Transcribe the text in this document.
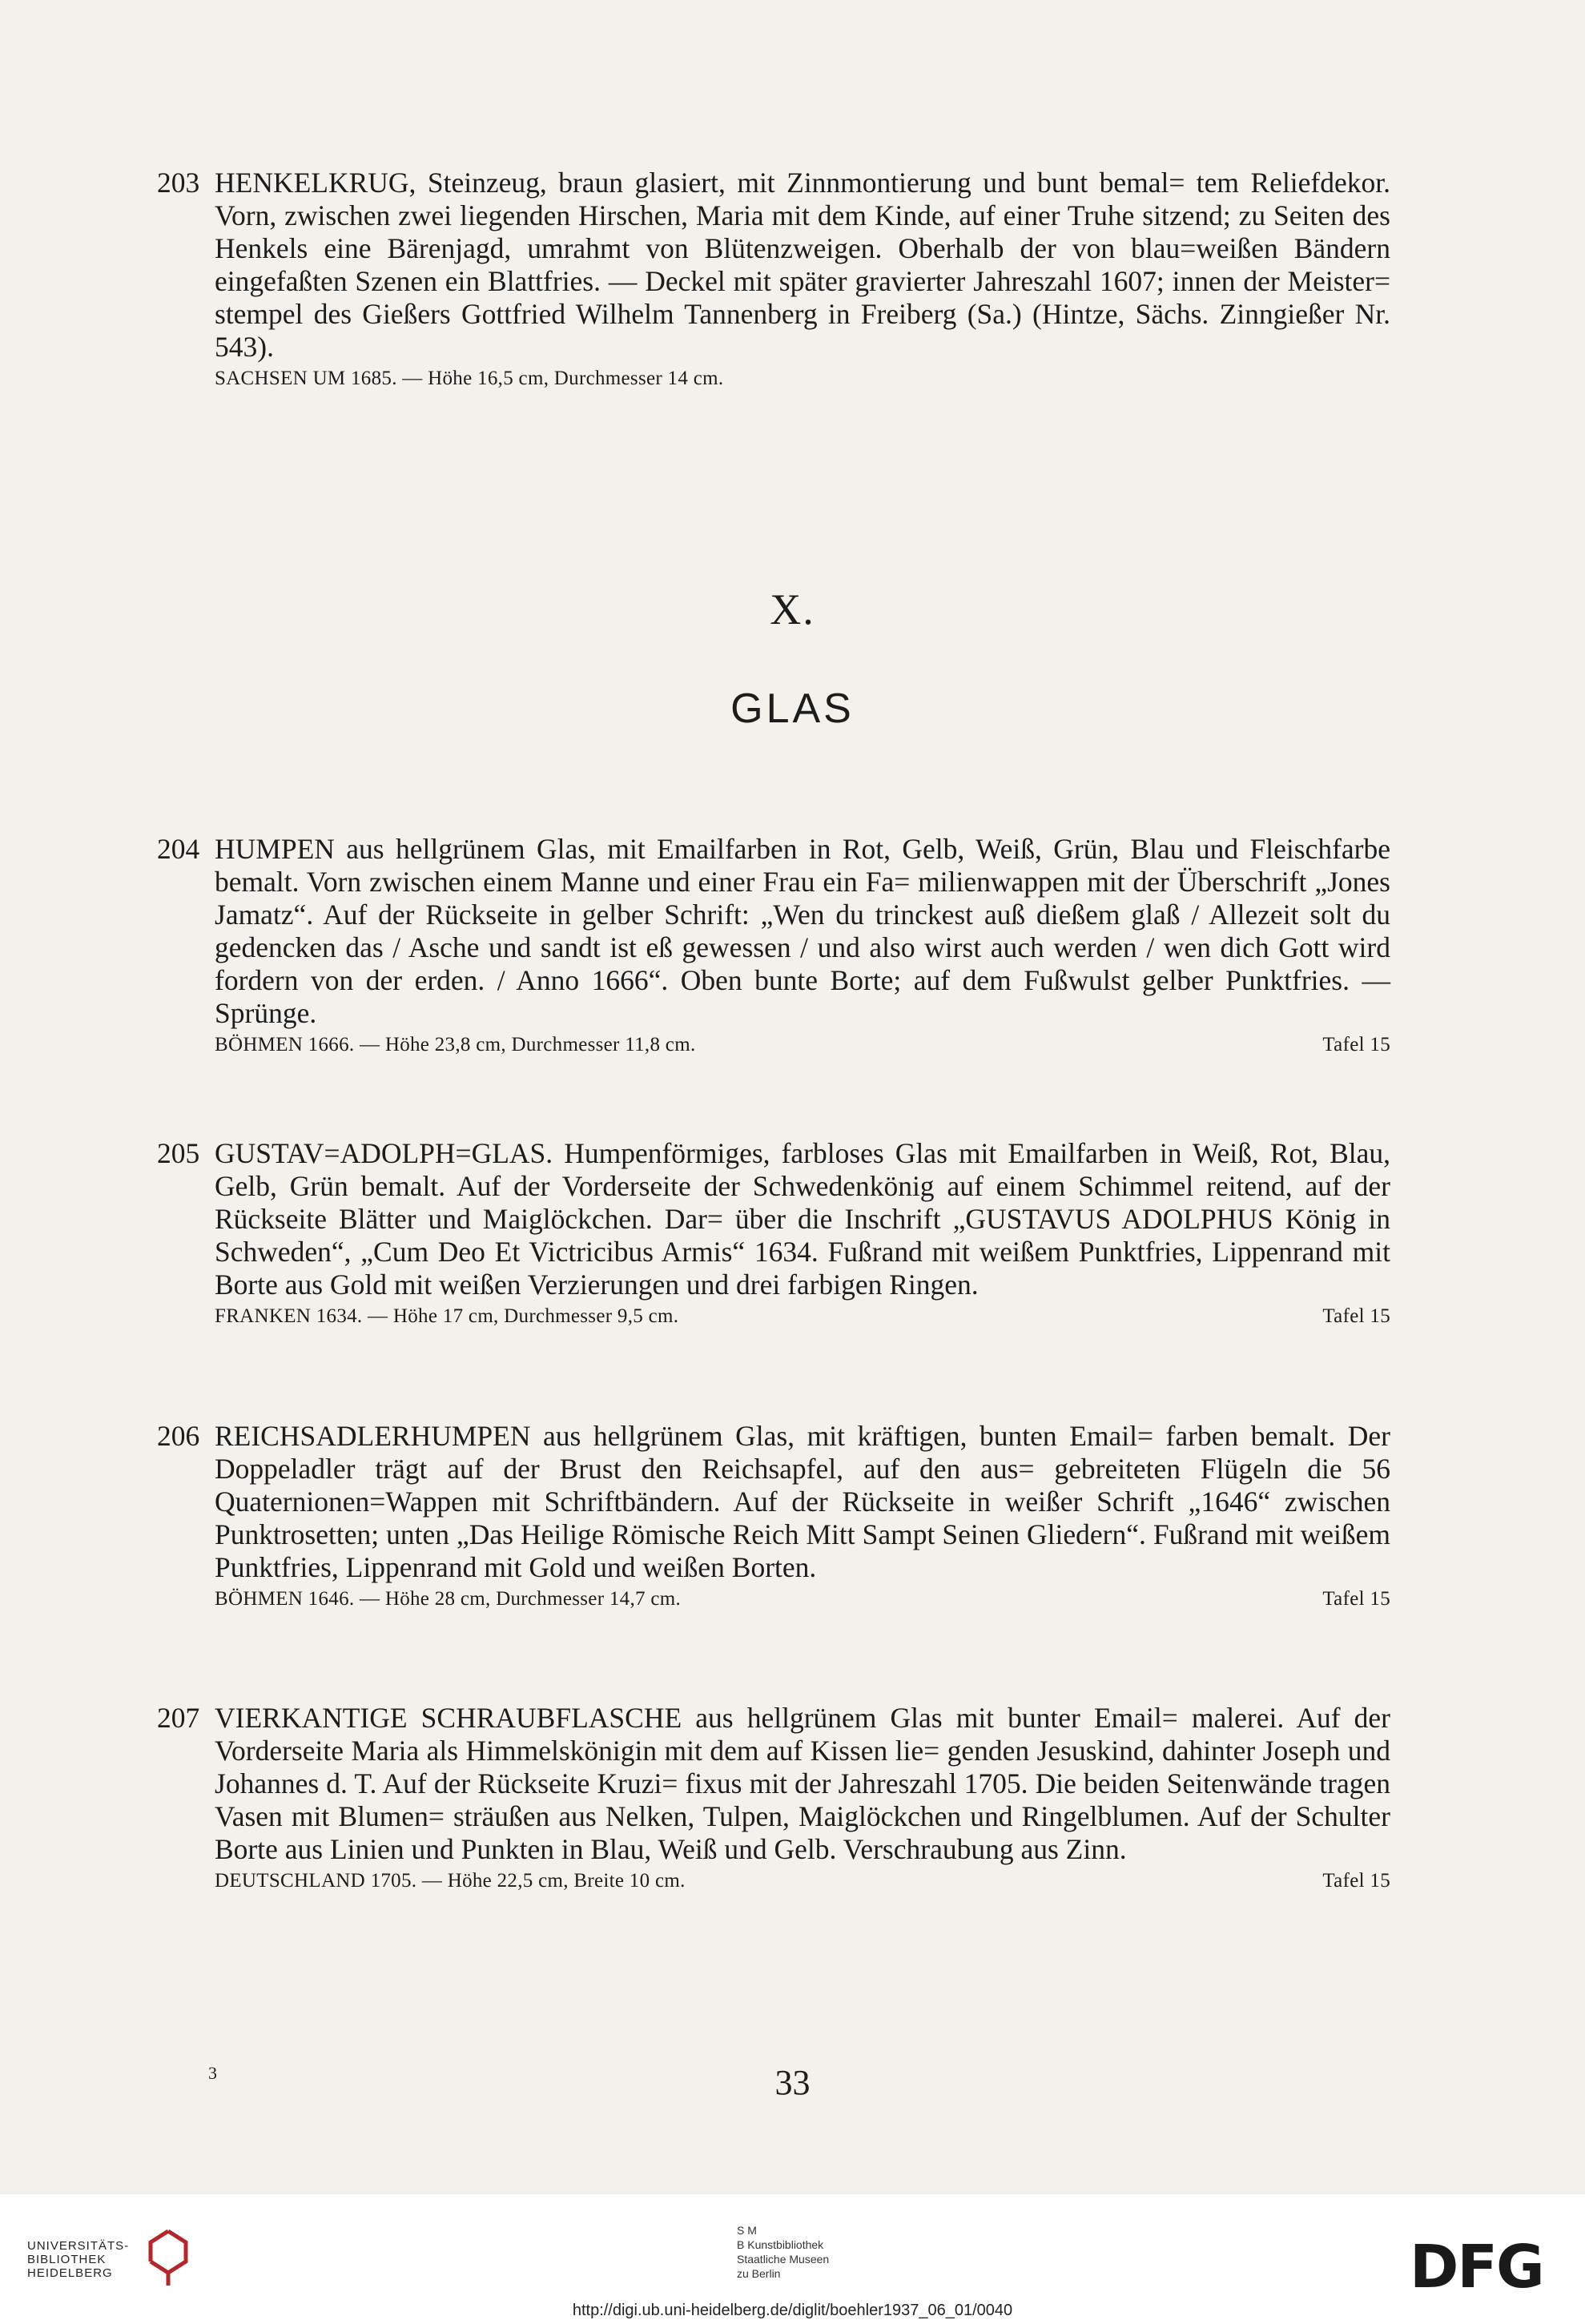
203 HENKELKRUG, Steinzeug, braun glasiert, mit Zinnmontierung und bunt bemal= tem Reliefdekor. Vorn, zwischen zwei liegenden Hirschen, Maria mit dem Kinde, auf einer Truhe sitzend; zu Seiten des Henkels eine Bärenjagd, umrahmt von Blütenzweigen. Oberhalb der von blau=weißen Bändern eingefaßten Szenen ein Blattfries. — Deckel mit später gravierter Jahreszahl 1607; innen der Meister= stempel des Gießers Gottfried Wilhelm Tannenberg in Freiberg (Sa.) (Hintze, Sächs. Zinngießer Nr. 543).
SACHSEN UM 1685. — Höhe 16,5 cm, Durchmesser 14 cm.
X.
GLAS
204 HUMPEN aus hellgrünem Glas, mit Emailfarben in Rot, Gelb, Weiß, Grün, Blau und Fleischfarbe bemalt. Vorn zwischen einem Manne und einer Frau ein Fa= milienwappen mit der Überschrift „Jones Jamatz“. Auf der Rückseite in gelber Schrift: „Wen du trinckest auß dießem glaß / Allezeit solt du gedencken das / Asche und sandt ist eß gewessen / und also wirst auch werden / wen dich Gott wird fordern von der erden. / Anno 1666“. Oben bunte Borte; auf dem Fußwulst gelber Punktfries. — Sprünge.
BÖHMEN 1666. — Höhe 23,8 cm, Durchmesser 11,8 cm.	Tafel 15
205 GUSTAV=ADOLPH=GLAS. Humpenförmiges, farbloses Glas mit Emailfarben in Weiß, Rot, Blau, Gelb, Grün bemalt. Auf der Vorderseite der Schwedenkönig auf einem Schimmel reitend, auf der Rückseite Blätter und Maiglöckchen. Dar= über die Inschrift „GUSTAVUS ADOLPHUS König in Schweden“, „Cum Deo Et Victricibus Armis“ 1634. Fußrand mit weißem Punktfries, Lippenrand mit Borte aus Gold mit weißen Verzierungen und drei farbigen Ringen.
FRANKEN 1634. — Höhe 17 cm, Durchmesser 9,5 cm.	Tafel 15
206 REICHSADLERHUMPEN aus hellgrünem Glas, mit kräftigen, bunten Email= farben bemalt. Der Doppeladler trägt auf der Brust den Reichsapfel, auf den aus= gebreiteten Flügeln die 56 Quaternionen=Wappen mit Schriftbändern. Auf der Rückseite in weißer Schrift „1646“ zwischen Punktrosetten; unten „Das Heilige Römische Reich Mitt Sampt Seinen Gliedern“. Fußrand mit weißem Punktfries, Lippenrand mit Gold und weißen Borten.
BÖHMEN 1646. — Höhe 28 cm, Durchmesser 14,7 cm.	Tafel 15
207 VIERKANTIGE SCHRAUBFLASCHE aus hellgrünem Glas mit bunter Email= malerei. Auf der Vorderseite Maria als Himmelskönigin mit dem auf Kissen lie= genden Jesuskind, dahinter Joseph und Johannes d. T. Auf der Rückseite Kruzi= fixus mit der Jahreszahl 1705. Die beiden Seitenwände tragen Vasen mit Blumen= sträußen aus Nelken, Tulpen, Maiglöckchen und Ringelblumen. Auf der Schulter Borte aus Linien und Punkten in Blau, Weiß und Gelb. Verschraubung aus Zinn.
DEUTSCHLAND 1705. — Höhe 22,5 cm, Breite 10 cm.	Tafel 15
3	33
UNIVERSITÄTS-
BIBLIOTHEK
HEIDELBERG
S M
B Kunstbibliothek
Staatliche Museen
zu Berlin	DFG
http://digi.ub.uni-heidelberg.de/diglit/boehler1937_06_01/0040
